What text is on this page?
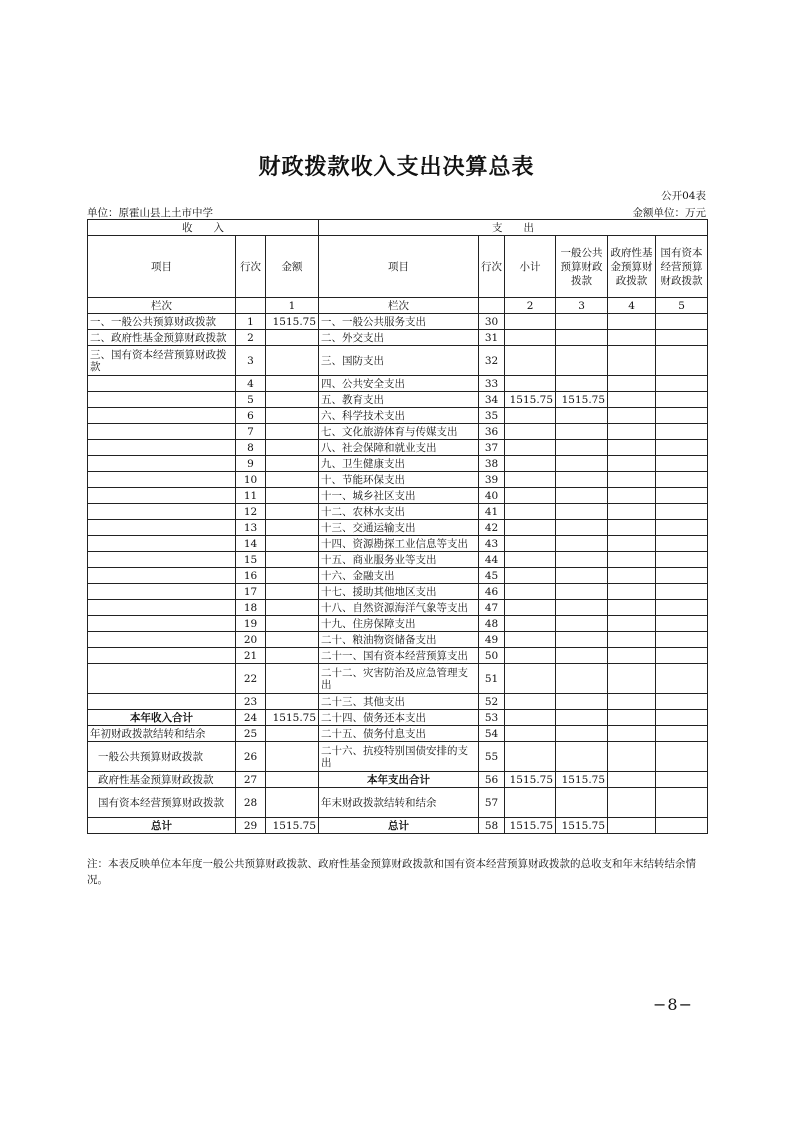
财政拨款收入支出决算总表
公开04表
单位：原霍山县上土市中学	金额单位：万元
收　　入			支　　出					
项目	行次	金额	项目	行次	小计	一般公共预算财政拨款	政府性基金预算财政拨款	国有资本经营预算财政拨款
栏次		1	栏次		2	3	4	5
一、一般公共预算财政拨款	1	1515.75	一、一般公共服务支出	30				
二、政府性基金预算财政拨款	2		二、外交支出	31				
三、国有资本经营预算财政拨款	3		三、国防支出	32				
	4		四、公共安全支出	33				
	5		五、教育支出	34	1515.75	1515.75		
	6		六、科学技术支出	35				
	7		七、文化旅游体育与传媒支出	36				
	8		八、社会保障和就业支出	37				
	9		九、卫生健康支出	38				
	10		十、节能环保支出	39				
	11		十一、城乡社区支出	40				
	12		十二、农林水支出	41				
	13		十三、交通运输支出	42				
	14		十四、资源勘探工业信息等支出	43				
	15		十五、商业服务业等支出	44				
	16		十六、金融支出	45				
	17		十七、援助其他地区支出	46				
	18		十八、自然资源海洋气象等支出	47				
	19		十九、住房保障支出	48				
	20		二十、粮油物资储备支出	49				
	21		二十一、国有资本经营预算支出	50				
	22		二十二、灾害防治及应急管理支出	51				
	23		二十三、其他支出	52				
本年收入合计	24	1515.75	二十四、债务还本支出	53				
年初财政拨款结转和结余	25		二十五、债务付息支出	54				
一般公共预算财政拨款	26		二十六、抗疫特别国债安排的支出	55				
政府性基金预算财政拨款	27		本年支出合计	56	1515.75	1515.75		
国有资本经营预算财政拨款	28		年末财政拨款结转和结余	57				
总计	29	1515.75	总计	58	1515.75	1515.75		
注：本表反映单位本年度一般公共预算财政拨款、政府性基金预算财政拨款和国有资本经营预算财政拨款的总收支和年末结转结余情况。
−8−
